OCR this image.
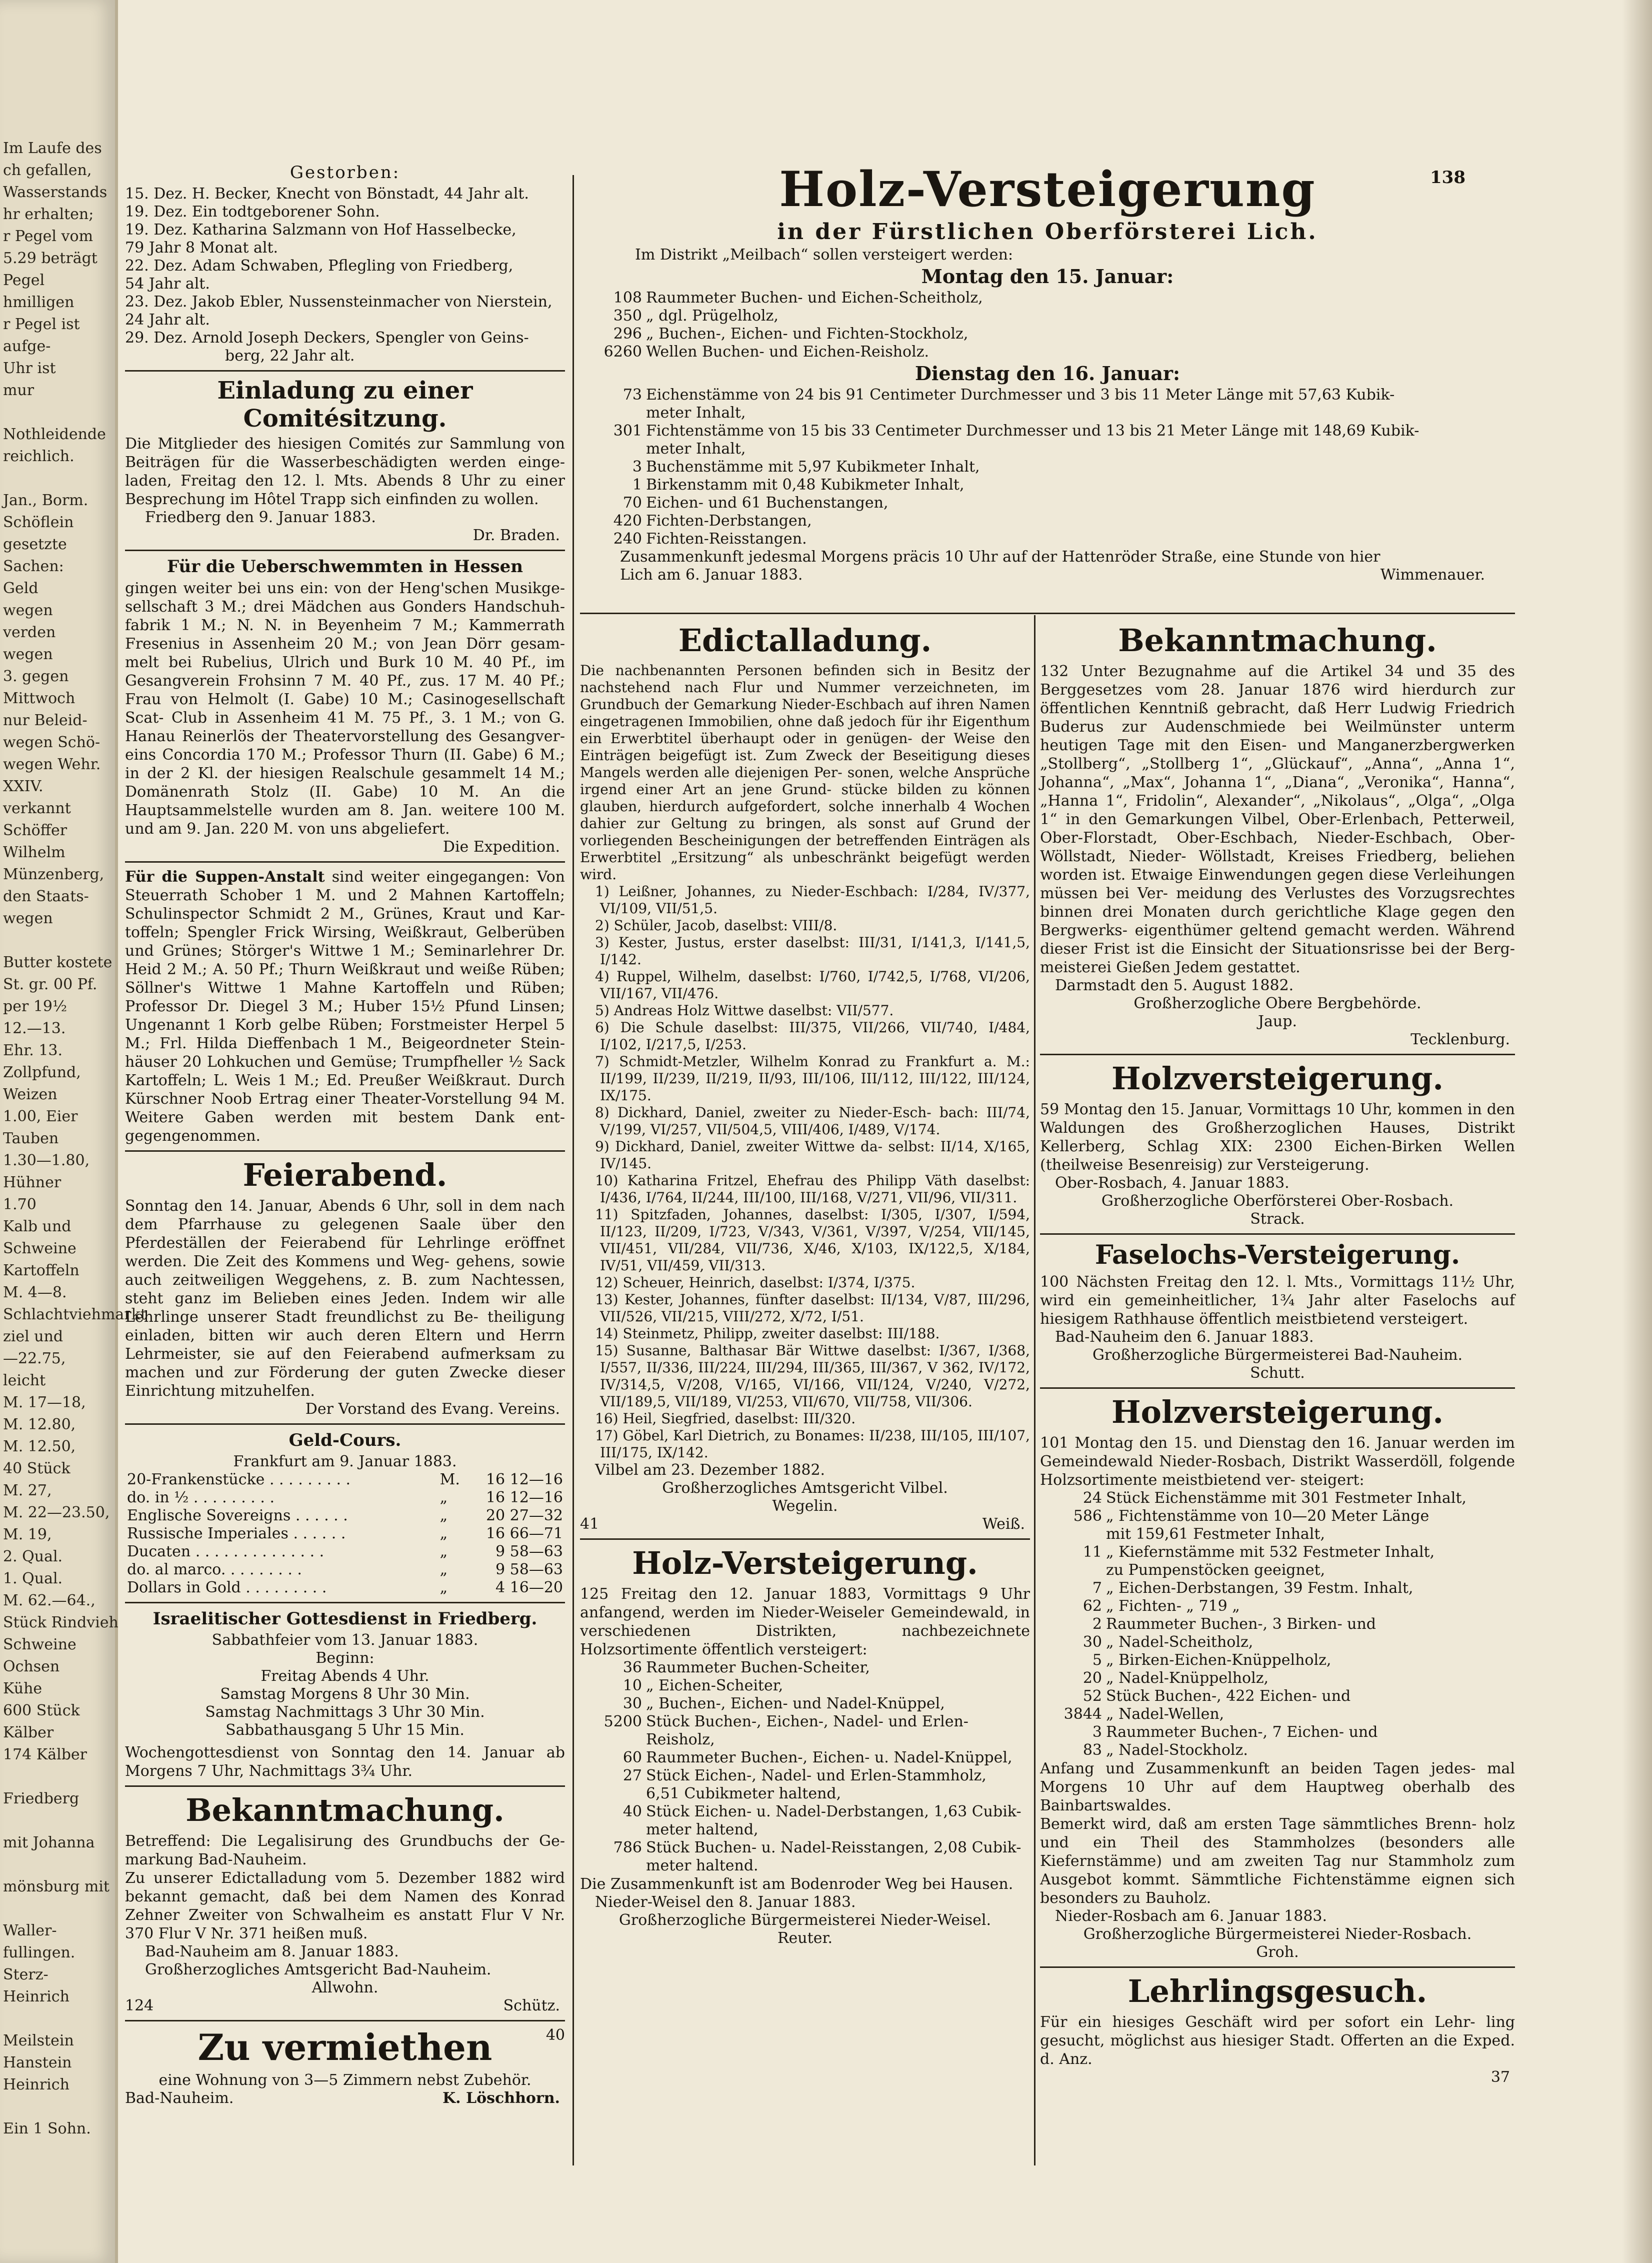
Im Laufe des
ch gefallen,
Wasserstands
hr erhalten;
r Pegel vom
5.29 beträgt
Pegel
hmilligen
r Pegel ist
aufge-
Uhr ist
mur
Nothleidende
reichlich.
Jan., Borm.
Schöflein
gesetzte
Sachen:
Geld
wegen
verden
wegen
3. gegen
Mittwoch
nur Beleid-
wegen Schö-
wegen Wehr.
XXIV.
verkannt
Schöffer
Wilhelm
Münzenberg,
den Staats-
wegen
Butter kostete
St. gr. 00 Pf.
per 19½
12.—13.
Ehr. 13.
Zollpfund,
Weizen
1.00, Eier
Tauben
1.30—1.80,
Hühner
1.70
Kalb und
Schweine
Kartoffeln
M. 4—8.
Schlachtviehmarkt
ziel und
—22.75,
leicht
M. 17—18,
M. 12.80,
M. 12.50,
40 Stück
M. 27,
M. 22—23.50,
M. 19,
2. Qual.
1. Qual.
M. 62.—64.,
Stück Rindvieh
Schweine
Ochsen
Kühe
600 Stück
Kälber
174 Kälber
Friedberg
mit Johanna
mönsburg mit
Waller-
fullingen.
Sterz-
Heinrich
Meilstein
Hanstein
Heinrich
Ein 1 Sohn.
138
Holz-Versteigerung
in der Fürstlichen Oberförsterei Lich.
Im Distrikt „Meilbach“ sollen versteigert werden:
Montag den 15. Januar:
108	Raummeter Buchen- und Eichen-Scheitholz,
350	„ dgl. Prügelholz,
296	„ Buchen-, Eichen- und Fichten-Stockholz,
6260	Wellen Buchen- und Eichen-Reisholz.
Dienstag den 16. Januar:
73	Eichenstämme von 24 bis 91 Centimeter Durchmesser und 3 bis 11 Meter Länge mit 57,63 Kubik-
	meter Inhalt,
301	Fichtenstämme von 15 bis 33 Centimeter Durchmesser und 13 bis 21 Meter Länge mit 148,69 Kubik-
	meter Inhalt,
3	Buchenstämme mit 5,97 Kubikmeter Inhalt,
1	Birkenstamm mit 0,48 Kubikmeter Inhalt,
70	Eichen- und 61 Buchenstangen,
420	Fichten-Derbstangen,
240	Fichten-Reisstangen.
Zusammenkunft jedesmal Morgens präcis 10 Uhr auf der Hattenröder Straße, eine Stunde von hier
Lich am 6. Januar 1883.	Wimmenauer.
Gestorben:
15. Dez. H. Becker, Knecht von Bönstadt, 44 Jahr alt.
19. Dez. Ein todtgeborener Sohn.
19. Dez. Katharina Salzmann von Hof Hasselbecke,
79 Jahr 8 Monat alt.
22. Dez. Adam Schwaben, Pflegling von Friedberg,
54 Jahr alt.
23. Dez. Jakob Ebler, Nussensteinmacher von Nierstein,
24 Jahr alt.
29. Dez. Arnold Joseph Deckers, Spengler von Geins-
berg, 22 Jahr alt.
Einladung zu einer Comitésitzung.

Die Mitglieder des hiesigen Comités zur Sammlung von Beiträgen für die Wasserbeschädigten werden einge- laden, Freitag den 12. l. Mts. Abends 8 Uhr zu einer Besprechung im Hôtel Trapp sich einfinden zu wollen.

Friedberg den 9. Januar 1883.
Dr. Braden.
Für die Ueberschwemmten in Hessen

gingen weiter bei uns ein: von der Heng'schen Musikge- sellschaft 3 M.; drei Mädchen aus Gonders Handschuh- fabrik 1 M.; N. N. in Beyenheim 7 M.; Kammerrath Fresenius in Assenheim 20 M.; von Jean Dörr gesam- melt bei Rubelius, Ulrich und Burk 10 M. 40 Pf., im Gesangverein Frohsinn 7 M. 40 Pf., zus. 17 M. 40 Pf.; Frau von Helmolt (I. Gabe) 10 M.; Casinogesellschaft Scat- Club in Assenheim 41 M. 75 Pf., 3. 1 M.; von G. Hanau Reinerlös der Theatervorstellung des Gesangver- eins Concordia 170 M.; Professor Thurn (II. Gabe) 6 M.; in der 2 Kl. der hiesigen Realschule gesammelt 14 M.; Domänenrath Stolz (II. Gabe) 10 M. An die Hauptsammelstelle wurden am 8. Jan. weitere 100 M. und am 9. Jan. 220 M. von uns abgeliefert.

Die Expedition.

Für die Suppen-Anstalt sind weiter eingegangen: Von Steuerrath Schober 1 M. und 2 Mahnen Kartoffeln; Schulinspector Schmidt 2 M., Grünes, Kraut und Kar- toffeln; Spengler Frick Wirsing, Weißkraut, Gelberüben und Grünes; Störger's Wittwe 1 M.; Seminarlehrer Dr. Heid 2 M.; A. 50 Pf.; Thurn Weißkraut und weiße Rüben; Söllner's Wittwe 1 Mahne Kartoffeln und Rüben; Professor Dr. Diegel 3 M.; Huber 15½ Pfund Linsen; Ungenannt 1 Korb gelbe Rüben; Forstmeister Herpel 5 M.; Frl. Hilda Dieffenbach 1 M., Beigeordneter Stein- häuser 20 Lohkuchen und Gemüse; Trumpfheller ½ Sack Kartoffeln; L. Weis 1 M.; Ed. Preußer Weißkraut. Durch Kürschner Noob Ertrag einer Theater-Vorstellung 94 M. Weitere Gaben werden mit bestem Dank ent- gegengenommen.

Feierabend.

Sonntag den 14. Januar, Abends 6 Uhr, soll in dem nach dem Pfarrhause zu gelegenen Saale über den Pferdeställen der Feierabend für Lehrlinge eröffnet werden. Die Zeit des Kommens und Weg- gehens, sowie auch zeitweiligen Weggehens, z. B. zum Nachtessen, steht ganz im Belieben eines Jeden. Indem wir alle Lehrlinge unserer Stadt freundlichst zu Be- theiligung einladen, bitten wir auch deren Eltern und Herrn Lehrmeister, sie auf den Feierabend aufmerksam zu machen und zur Förderung der guten Zwecke dieser Einrichtung mitzuhelfen.

Der Vorstand des Evang. Vereins.
Geld-Cours.
Frankfurt am 9. Januar 1883.
20-Frankenstücke . . . . . . . . .	M.	16 12—16
do. in ½ . . . . . . . . .	„	16 12—16
Englische Sovereigns . . . . . .	„	20 27—32
Russische Imperiales . . . . . .	„	16 66—71
Ducaten . . . . . . . . . . . . . .	„	9 58—63
do. al marco. . . . . . . . .	„	9 58—63
Dollars in Gold . . . . . . . . .	„	4 16—20
Israelitischer Gottesdienst in Friedberg.
Sabbathfeier vom 13. Januar 1883.
Beginn:
Freitag Abends 4 Uhr.
Samstag Morgens 8 Uhr 30 Min.
Samstag Nachmittags 3 Uhr 30 Min.
Sabbathausgang 5 Uhr 15 Min.

Wochengottesdienst von Sonntag den 14. Januar ab Morgens 7 Uhr, Nachmittags 3¾ Uhr.

Bekanntmachung.

Betreffend: Die Legalisirung des Grundbuchs der Ge- markung Bad-Nauheim.

Zu unserer Edictalladung vom 5. Dezember 1882 wird bekannt gemacht, daß bei dem Namen des Konrad Zehner Zweiter von Schwalheim es anstatt Flur V Nr. 370 Flur V Nr. 371 heißen muß.

Bad-Nauheim am 8. Januar 1883.
Großherzogliches Amtsgericht Bad-Nauheim.
Allwohn.
124	Schütz.
40
Zu vermiethen
eine Wohnung von 3—5 Zimmern nebst Zubehör.
Bad-Nauheim.	K. Löschhorn.
Edictalladung.

Die nachbenannten Personen befinden sich in Besitz der nachstehend nach Flur und Nummer verzeichneten, im Grundbuch der Gemarkung Nieder-Eschbach auf ihren Namen eingetragenen Immobilien, ohne daß jedoch für ihr Eigenthum ein Erwerbtitel überhaupt oder in genügen- der Weise den Einträgen beigefügt ist. Zum Zweck der Beseitigung dieses Mangels werden alle diejenigen Per- sonen, welche Ansprüche irgend einer Art an jene Grund- stücke bilden zu können glauben, hierdurch aufgefordert, solche innerhalb 4 Wochen dahier zur Geltung zu bringen, als sonst auf Grund der vorliegenden Bescheinigungen der betreffenden Einträgen als Erwerbtitel „Ersitzung“ als unbeschränkt beigefügt werden wird.

1) Leißner, Johannes, zu Nieder-Eschbach: I/284, IV/377, VI/109, VII/51,5.

2) Schüler, Jacob, daselbst: VIII/8.

3) Kester, Justus, erster daselbst: III/31, I/141,3, I/141,5, I/142.

4) Ruppel, Wilhelm, daselbst: I/760, I/742,5, I/768, VI/206, VII/167, VII/476.

5) Andreas Holz Wittwe daselbst: VII/577.

6) Die Schule daselbst: III/375, VII/266, VII/740, I/484, I/102, I/217,5, I/253.

7) Schmidt-Metzler, Wilhelm Konrad zu Frankfurt a. M.: II/199, II/239, II/219, II/93, III/106, III/112, III/122, III/124, IX/175.

8) Dickhard, Daniel, zweiter zu Nieder-Esch- bach: III/74, V/199, VI/257, VII/504,5, VIII/406, I/489, V/174.

9) Dickhard, Daniel, zweiter Wittwe da- selbst: II/14, X/165, IV/145.

10) Katharina Fritzel, Ehefrau des Philipp Väth daselbst: I/436, I/764, II/244, III/100, III/168, V/271, VII/96, VII/311.

11) Spitzfaden, Johannes, daselbst: I/305, I/307, I/594, II/123, II/209, I/723, V/343, V/361, V/397, V/254, VII/145, VII/451, VII/284, VII/736, X/46, X/103, IX/122,5, X/184, IV/51, VII/459, VII/313.

12) Scheuer, Heinrich, daselbst: I/374, I/375.

13) Kester, Johannes, fünfter daselbst: II/134, V/87, III/296, VII/526, VII/215, VIII/272, X/72, I/51.

14) Steinmetz, Philipp, zweiter daselbst: III/188.

15) Susanne, Balthasar Bär Wittwe daselbst: I/367, I/368, I/557, II/336, III/224, III/294, III/365, III/367, V 362, IV/172, IV/314,5, V/208, V/165, VI/166, VII/124, V/240, V/272, VII/189,5, VII/189, VI/253, VII/670, VII/758, VII/306.

16) Heil, Siegfried, daselbst: III/320.

17) Göbel, Karl Dietrich, zu Bonames: II/238, III/105, III/107, III/175, IX/142.

Vilbel am 23. Dezember 1882.
Großherzogliches Amtsgericht Vilbel.
Wegelin.
41	Weiß.
Holz-Versteigerung.

125 Freitag den 12. Januar 1883, Vormittags 9 Uhr anfangend, werden im Nieder-Weiseler Gemeindewald, in verschiedenen Distrikten, nachbezeichnete Holzsortimente öffentlich versteigert:

36	Raummeter Buchen-Scheiter,
10	„ Eichen-Scheiter,
30	„ Buchen-, Eichen- und Nadel-Knüppel,
5200	Stück Buchen-, Eichen-, Nadel- und Erlen-
	Reisholz,
60	Raummeter Buchen-, Eichen- u. Nadel-Knüppel,
27	Stück Eichen-, Nadel- und Erlen-Stammholz,
	6,51 Cubikmeter haltend,
40	Stück Eichen- u. Nadel-Derbstangen, 1,63 Cubik-
	meter haltend,
786	Stück Buchen- u. Nadel-Reisstangen, 2,08 Cubik-
	meter haltend.

Die Zusammenkunft ist am Bodenroder Weg bei Hausen.

Nieder-Weisel den 8. Januar 1883.
Großherzogliche Bürgermeisterei Nieder-Weisel.
Reuter.
Bekanntmachung.

132 Unter Bezugnahme auf die Artikel 34 und 35 des Berggesetzes vom 28. Januar 1876 wird hierdurch zur öffentlichen Kenntniß gebracht, daß Herr Ludwig Friedrich Buderus zur Audenschmiede bei Weilmünster unterm heutigen Tage mit den Eisen- und Manganerzbergwerken „Stollberg“, „Stollberg 1“, „Glückauf“, „Anna“, „Anna 1“, Johanna“, „Max“, Johanna 1“, „Diana“, „Veronika“, Hanna“, „Hanna 1“, Fridolin“, Alexander“, „Nikolaus“, „Olga“, „Olga 1“ in den Gemarkungen Vilbel, Ober-Erlenbach, Petterweil, Ober-Florstadt, Ober-Eschbach, Nieder-Eschbach, Ober-Wöllstadt, Nieder- Wöllstadt, Kreises Friedberg, beliehen worden ist. Etwaige Einwendungen gegen diese Verleihungen müssen bei Ver- meidung des Verlustes des Vorzugsrechtes binnen drei Monaten durch gerichtliche Klage gegen den Bergwerks- eigenthümer geltend gemacht werden. Während dieser Frist ist die Einsicht der Situationsrisse bei der Berg- meisterei Gießen Jedem gestattet.

Darmstadt den 5. August 1882.
Großherzogliche Obere Bergbehörde.
Jaup.
Tecklenburg.
Holzversteigerung.

59 Montag den 15. Januar, Vormittags 10 Uhr, kommen in den Waldungen des Großherzoglichen Hauses, Distrikt Kellerberg, Schlag XIX: 2300 Eichen-Birken Wellen (theilweise Besenreisig) zur Versteigerung.

Ober-Rosbach, 4. Januar 1883.
Großherzogliche Oberförsterei Ober-Rosbach.
Strack.
Faselochs-Versteigerung.

100 Nächsten Freitag den 12. l. Mts., Vormittags 11½ Uhr, wird ein gemeinheitlicher, 1¾ Jahr alter Faselochs auf hiesigem Rathhause öffentlich meistbietend versteigert.

Bad-Nauheim den 6. Januar 1883.
Großherzogliche Bürgermeisterei Bad-Nauheim.
Schutt.
Holzversteigerung.

101 Montag den 15. und Dienstag den 16. Januar werden im Gemeindewald Nieder-Rosbach, Distrikt Wasserdöll, folgende Holzsortimente meistbietend ver- steigert:

24	Stück Eichenstämme mit 301 Festmeter Inhalt,
586	„ Fichtenstämme von 10—20 Meter Länge
	mit 159,61 Festmeter Inhalt,
11	„ Kiefernstämme mit 532 Festmeter Inhalt,
	zu Pumpenstöcken geeignet,
7	„ Eichen-Derbstangen, 39 Festm. Inhalt,
62	„ Fichten- „ 719 „
2	Raummeter Buchen-, 3 Birken- und
30	„ Nadel-Scheitholz,
5	„ Birken-Eichen-Knüppelholz,
20	„ Nadel-Knüppelholz,
52	Stück Buchen-, 422 Eichen- und
3844	„ Nadel-Wellen,
3	Raummeter Buchen-, 7 Eichen- und
83	„ Nadel-Stockholz.

Anfang und Zusammenkunft an beiden Tagen jedes- mal Morgens 10 Uhr auf dem Hauptweg oberhalb des Bainbartswaldes.

Bemerkt wird, daß am ersten Tage sämmtliches Brenn- holz und ein Theil des Stammholzes (besonders alle Kiefernstämme) und am zweiten Tag nur Stammholz zum Ausgebot kommt. Sämmtliche Fichtenstämme eignen sich besonders zu Bauholz.

Nieder-Rosbach am 6. Januar 1883.
Großherzogliche Bürgermeisterei Nieder-Rosbach.
Groh.
Lehrlingsgesuch.

Für ein hiesiges Geschäft wird per sofort ein Lehr- ling gesucht, möglichst aus hiesiger Stadt. Offerten an die Exped. d. Anz.

37
